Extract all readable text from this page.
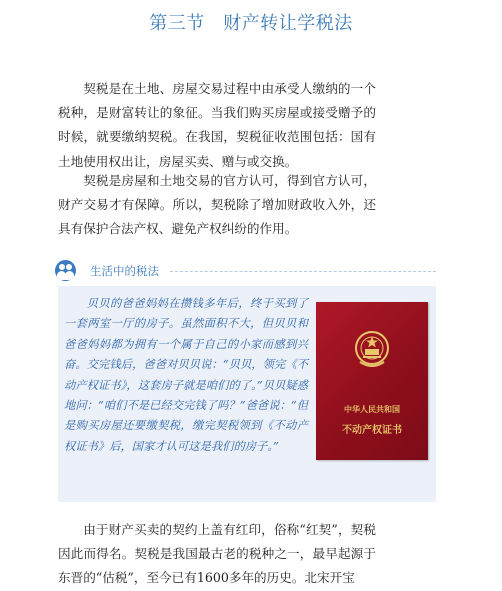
第三节　财产转让学税法

契税是在土地、房屋交易过程中由承受人缴纳的一个税种，是财富转让的象征。当我们购买房屋或接受赠予的时候，就要缴纳契税。在我国，契税征收范围包括：国有土地使用权出让，房屋买卖、赠与或交换。

契税是房屋和土地交易的官方认可，得到官方认可，财产交易才有保障。所以，契税除了增加财政收入外，还具有保护合法产权、避免产权纠纷的作用。

生活中的税法

贝贝的爸爸妈妈在攒钱多年后，终于买到了一套两室一厅的房子。虽然面积不大，但贝贝和爸爸妈妈都为拥有一个属于自己的小家而感到兴奋。交完钱后，爸爸对贝贝说：“贝贝，领完《不动产权证书》，这套房子就是咱们的了。”贝贝疑惑地问：“咱们不是已经交完钱了吗？”爸爸说：“但是购买房屋还要缴契税，缴完契税领到《不动产权证书》后，国家才认可这是我们的房子。”

中华人民共和国
不动产权证书

由于财产买卖的契约上盖有红印，俗称“红契”，契税因此而得名。契税是我国最古老的税种之一，最早起源于东晋的“估税”，至今已有1600多年的历史。北宋开宝
